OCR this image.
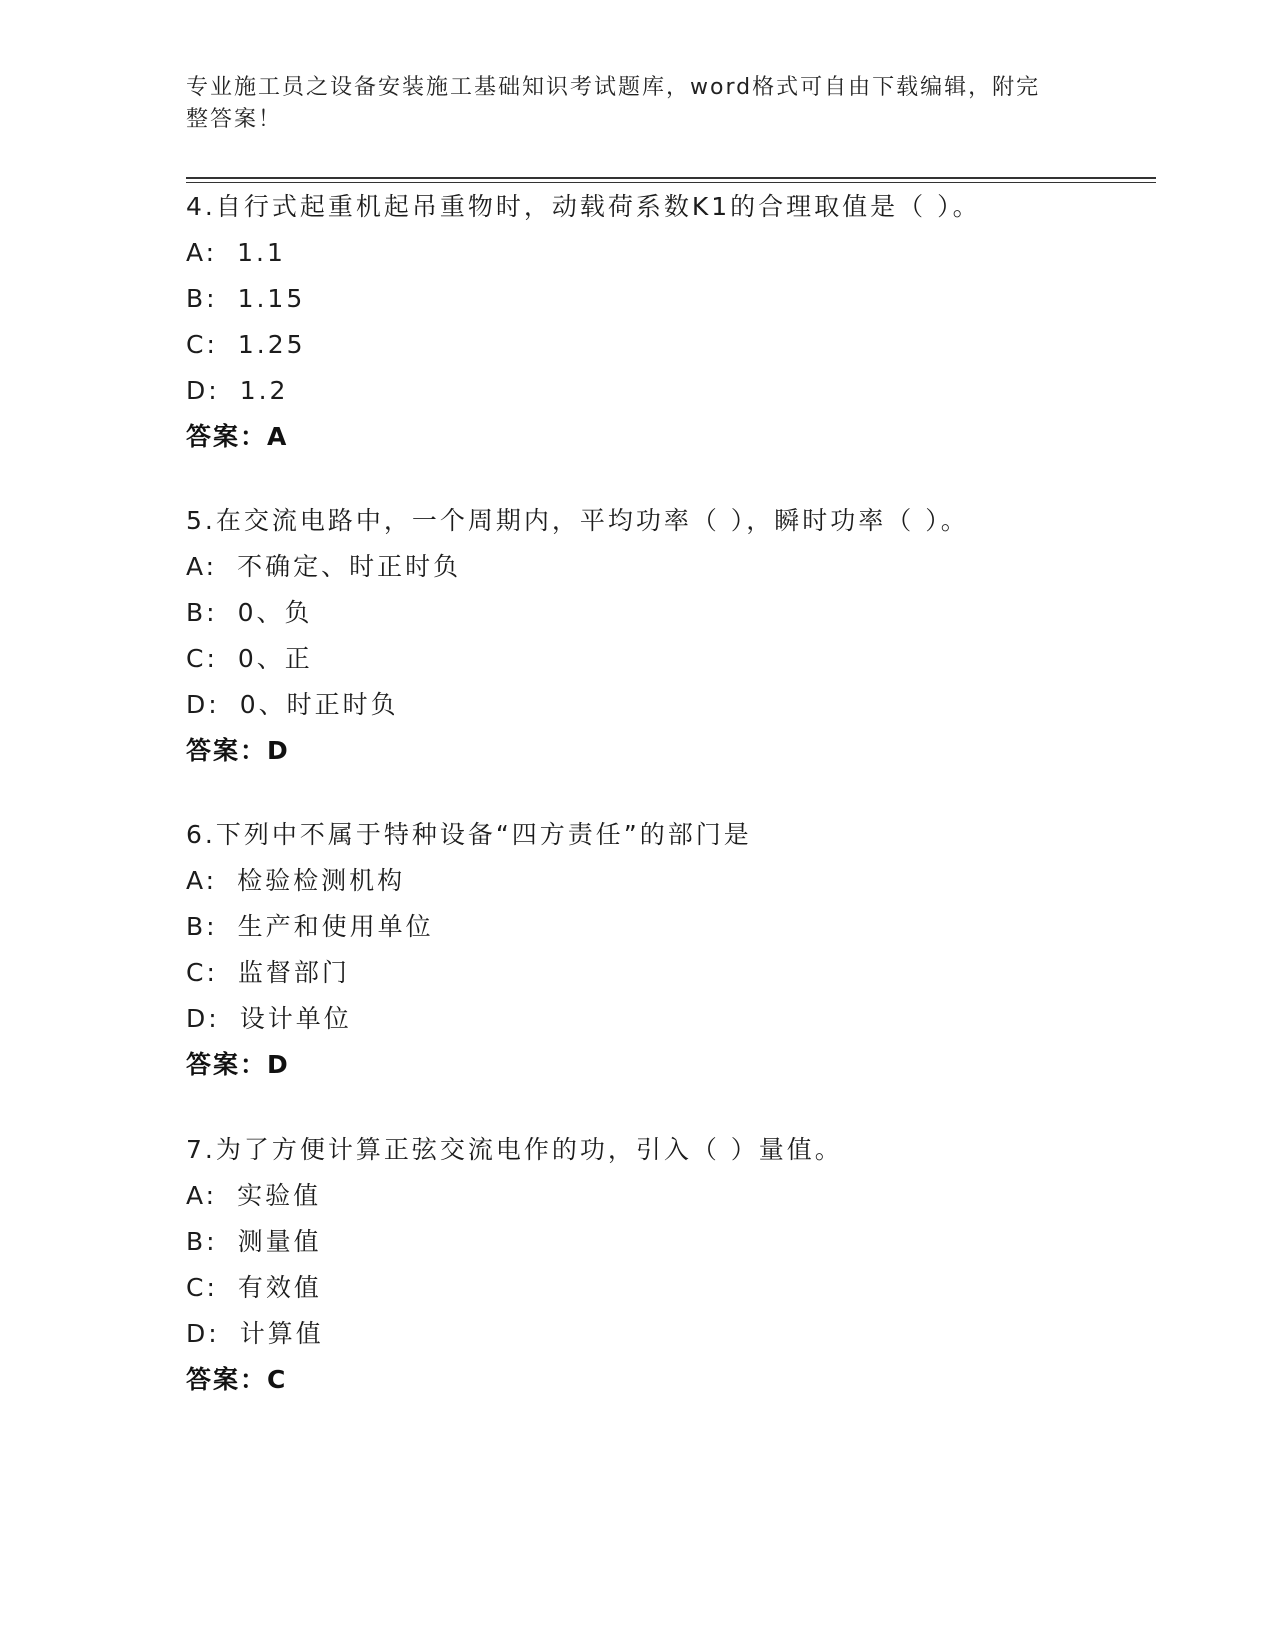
专业施工员之设备安装施工基础知识考试题库，word格式可自由下载编辑，附完
整答案！
4.自行式起重机起吊重物时，动载荷系数K1的合理取值是（ ）。
A: 1.1
B: 1.15
C: 1.25
D: 1.2
答案：A
5.在交流电路中，一个周期内，平均功率（ ），瞬时功率（ ）。
A: 不确定、时正时负
B: 0、负
C: 0、正
D: 0、时正时负
答案：D
6.下列中不属于特种设备“四方责任”的部门是
A: 检验检测机构
B: 生产和使用单位
C: 监督部门
D: 设计单位
答案：D
7.为了方便计算正弦交流电作的功，引入（ ）量值。
A: 实验值
B: 测量值
C: 有效值
D: 计算值
答案：C
